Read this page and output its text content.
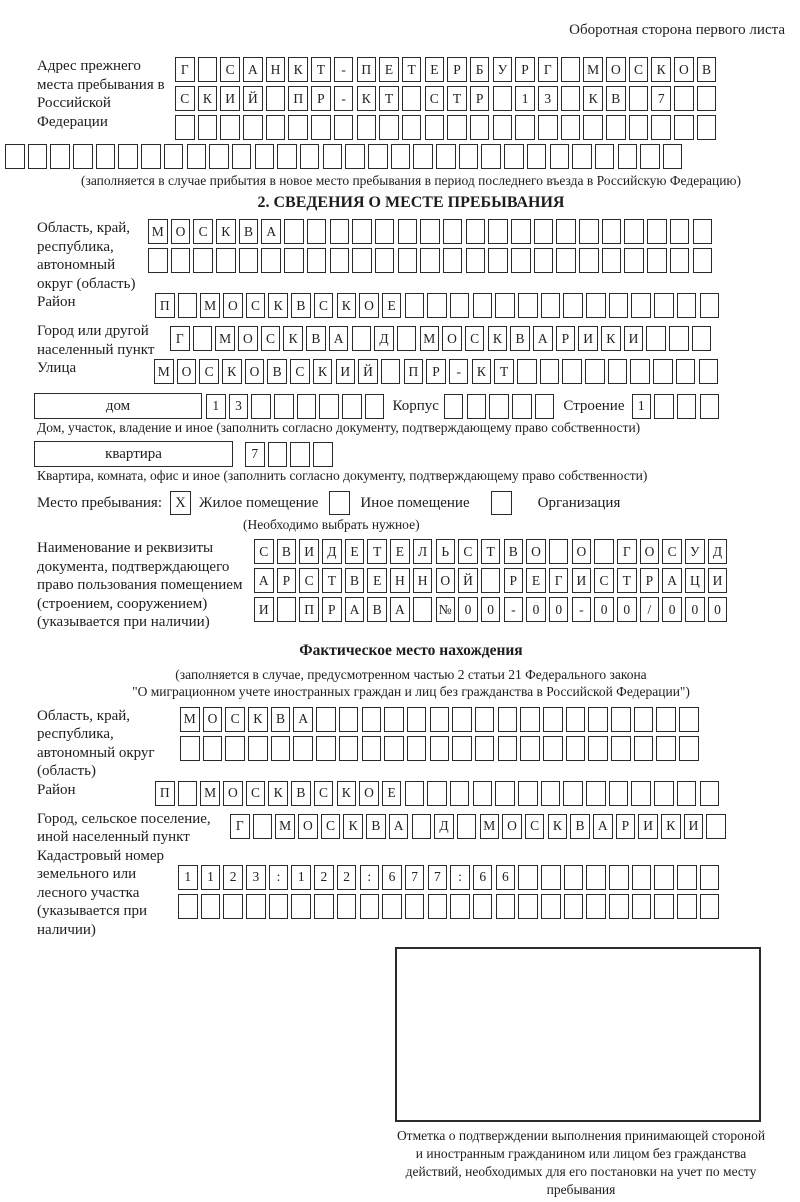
Оборотная сторона первого листа
Адрес прежнего места пребывания в Российской Федерации
Г	С А Н К	Т	-	П	Е	Т	Е	Р	Б	У	Р	Г	М О С	К О В
С	К И Й	П	Р	-	К	Т	С	Т	Р	1	3	К	В	7
(заполняется в случае прибытия в новое место пребывания в период последнего въезда в Российскую Федерацию)
2. СВЕДЕНИЯ О МЕСТЕ ПРЕБЫВАНИЯ
Область, край, республика, автономный округ (область)
М О С	К	В А
Район	П	М О С	К	В	С	К О	Е
Город или другой населенный пункт
Г	М О С	К	В А	Д	М О С	К	В А	Р	И К И
Улица	М О С	К О В	С	К И Й	П	Р	-	К	Т
дом	1	3	Корпус	Строение 1
Дом, участок, владение и иное (заполнить согласно документу, подтверждающему право собственности)
квартира	7
Квартира, комната, офис и иное (заполнить согласно документу, подтверждающему право собственности)
Место пребывания: X Жилое помещение	Иное помещение	Организация
(Необходимо выбрать нужное)
Наименование и реквизиты документа, подтверждающего право пользования помещением (строением, сооружением) (указывается при наличии)
С	В И Д	Е	Т	Е	Л	Ь	С	Т	В О	О	Г	О С У Д
А	Р	С	Т	В	Е	Н Н О Й	Р	Е	Г	И С	Т	Р	А Ц И
И	П	Р	А В А	№ 0	0	-	0	0	-	0	0	/	0	0	0
Фактическое место нахождения
(заполняется в случае, предусмотренном частью 2 статьи 21 Федерального закона
"О миграционном учете иностранных граждан и лиц без гражданства в Российской Федерации")
Область, край, республика, автономный округ (область)
М О С	К	В А
Район	П	М О С	К	В	С	К О	Е
Город, сельское поселение, иной населенный пункт
Г	М О С	К	В А	Д	М О С	К	В А	Р	И К И
Кадастровый номер земельного или лесного участка (указывается при наличии)
1	1	2	3	:	1	2	2	:	6	7	7	:	6	6
Отметка о подтверждении выполнения принимающей стороной и иностранным гражданином или лицом без гражданства действий, необходимых для его постановки на учет по месту пребывания
